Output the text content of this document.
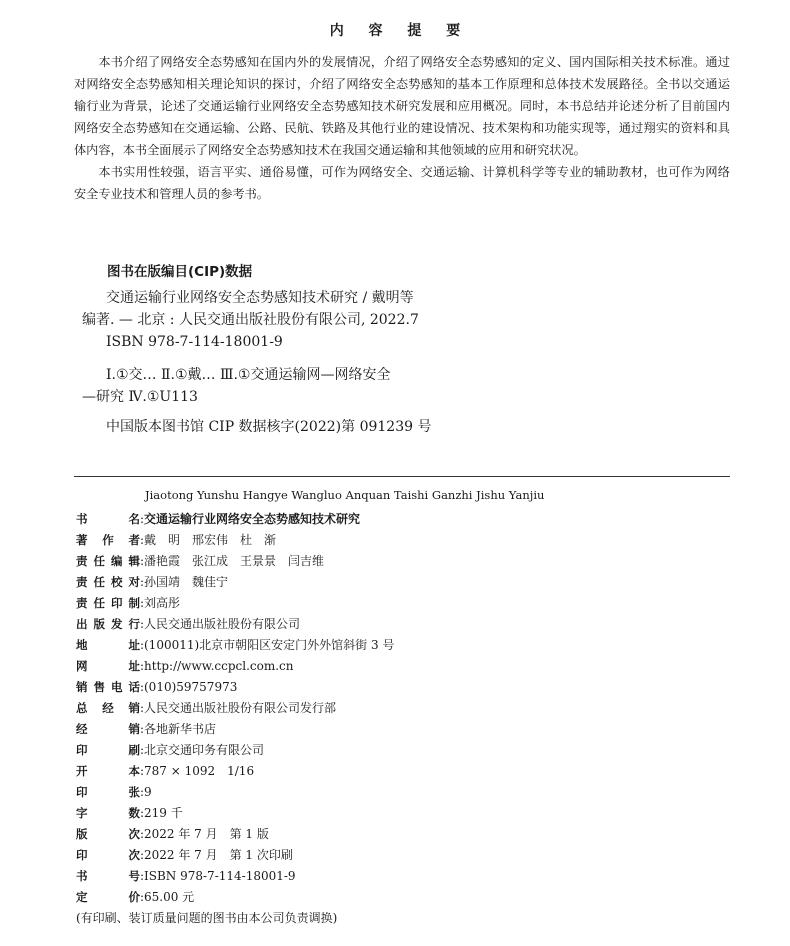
内 容 提 要

本书介绍了网络安全态势感知在国内外的发展情况，介绍了网络安全态势感知的定义、国内国际相关技术标准。通过对网络安全态势感知相关理论知识的探讨，介绍了网络安全态势感知的基本工作原理和总体技术发展路径。全书以交通运输行业为背景，论述了交通运输行业网络安全态势感知技术研究发展和应用概况。同时，本书总结并论述分析了目前国内网络安全态势感知在交通运输、公路、民航、铁路及其他行业的建设情况、技术架构和功能实现等，通过翔实的资料和具体内容，本书全面展示了网络安全态势感知技术在我国交通运输和其他领域的应用和研究状况。

本书实用性较强，语言平实、通俗易懂，可作为网络安全、交通运输、计算机科学等专业的辅助教材，也可作为网络安全专业技术和管理人员的参考书。

图书在版编目(CIP)数据
交通运输行业网络安全态势感知技术研究 / 戴明等
编著. — 北京 : 人民交通出版社股份有限公司, 2022.7
ISBN 978-7-114-18001-9
Ⅰ.①交… Ⅱ.①戴… Ⅲ.①交通运输网—网络安全
—研究 Ⅳ.①U113
中国版本图书馆 CIP 数据核字(2022)第 091239 号
Jiaotong Yunshu Hangye Wangluo Anquan Taishi Ganzhi Jishu Yanjiu
书名 : 交通运输行业网络安全态势感知技术研究
著作者 : 戴　明　邢宏伟　杜　渐
责任编辑 : 潘艳霞　张江成　王景景　闫吉维
责任校对 : 孙国靖　魏佳宁
责任印制 : 刘高彤
出版发行 : 人民交通出版社股份有限公司
地址 : (100011)北京市朝阳区安定门外外馆斜街 3 号
网址 : http://www.ccpcl.com.cn
销售电话 : (010)59757973
总经销 : 人民交通出版社股份有限公司发行部
经销 : 各地新华书店
印刷 : 北京交通印务有限公司
开本 : 787 × 1092　1/16
印张 : 9
字数 : 219 千
版次 : 2022 年 7 月　第 1 版
印次 : 2022 年 7 月　第 1 次印刷
书号 : ISBN 978-7-114-18001-9
定价 : 65.00 元
(有印刷、装订质量问题的图书由本公司负责调换)
